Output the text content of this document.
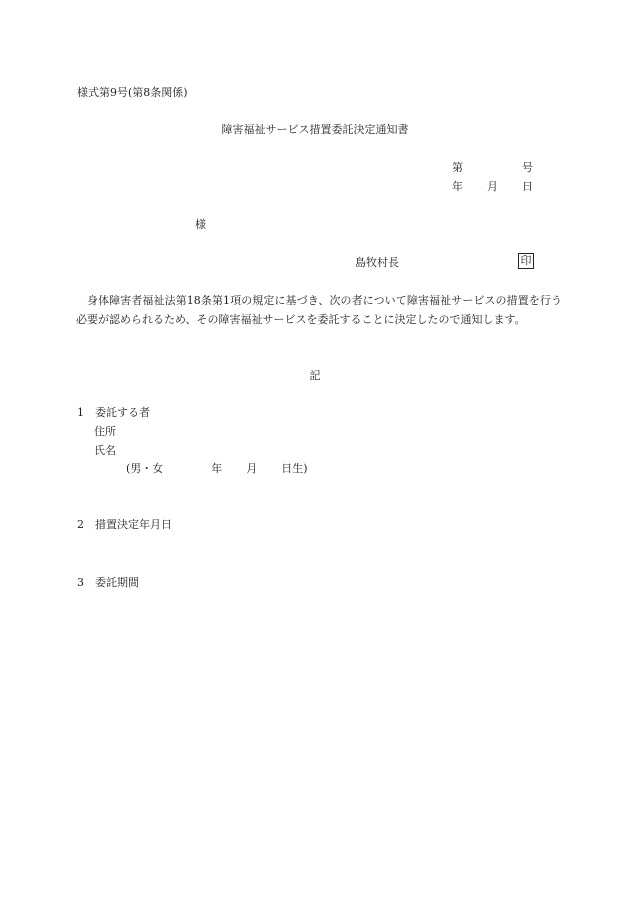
様式第9号(第8条関係)
障害福祉サービス措置委託決定通知書
第	号
年 月 日
様
島牧村長	印
身体障害者福祉法第18条第1項の規定に基づき、次の者について障害福祉サービスの措置を行う必要が認められるため、その障害福祉サービスを委託することに決定したので通知します。
記
1　委託する者
住所
氏名
(男・女	年 月 日生)
2　措置決定年月日
3　委託期間
